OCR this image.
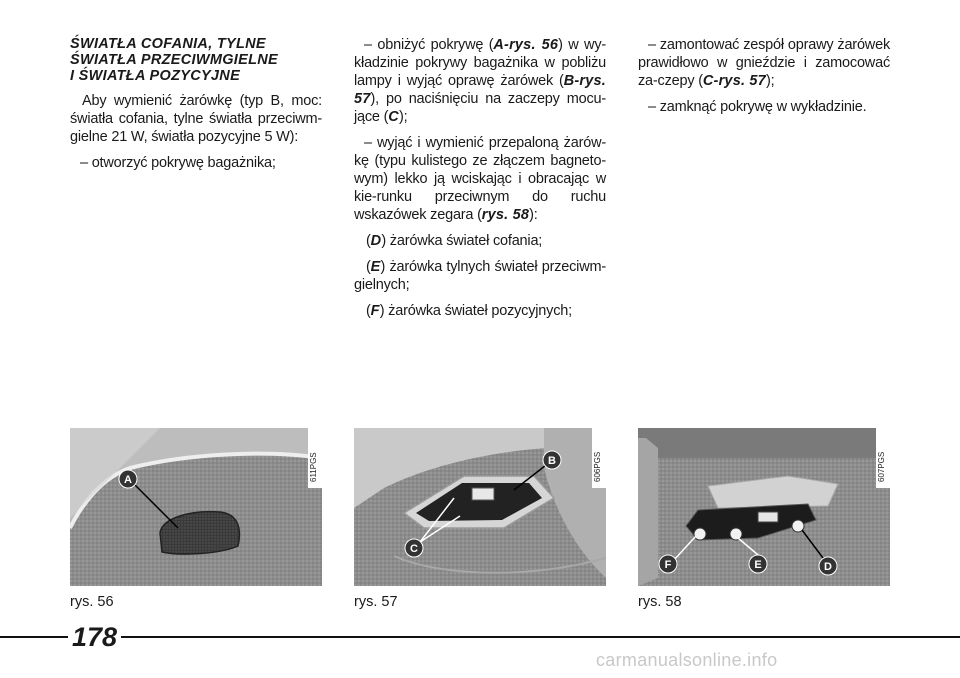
ŚWIATŁA COFANIA, TYLNE
ŚWIATŁA PRZECIWMGIELNE
I ŚWIATŁA POZYCYJNE

Aby wymienić żarówkę (typ B, moc: światła cofania, tylne światła przeciwm-gielne 21 W, światła pozycyjne 5 W):

– otworzyć pokrywę bagażnika;

– obniżyć pokrywę (A-rys. 56) w wy-kładzinie pokrywy bagażnika w pobliżu lampy i wyjąć oprawę żarówek (B-rys. 57), po naciśnięciu na zaczepy mocu-jące (C);

– wyjąć i wymienić przepaloną żarów-kę (typu kulistego ze złączem bagneto-wym) lekko ją wciskając i obracając w kie-runku przeciwnym do ruchu wskazówek zegara (rys. 58):

(D) żarówka świateł cofania;

(E) żarówka tylnych świateł przeciwm-gielnych;

(F) żarówka świateł pozycyjnych;

– zamontować zespół oprawy żarówek prawidłowo w gnieździe i zamocować za-czepy (C-rys. 57);

– zamknąć pokrywę w wykładzinie.

A	611PGS	B
C
606PGS
F	E	D
607PGS
rys. 56	rys. 57	rys. 58
178
carmanualsonline.info
